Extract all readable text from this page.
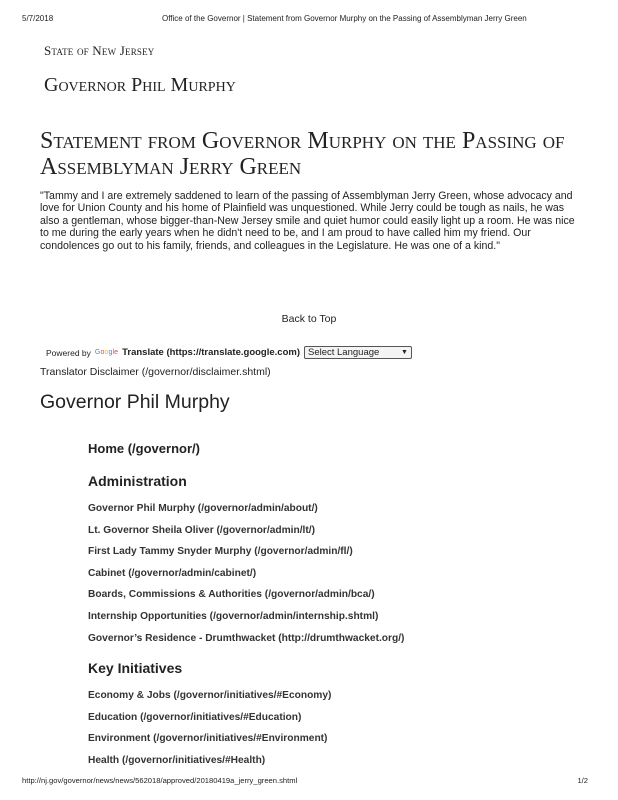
5/7/2018	Office of the Governor | Statement from Governor Murphy on the Passing of Assemblyman Jerry Green
State of New Jersey
Governor Phil Murphy
Statement from Governor Murphy on the Passing of Assemblyman Jerry Green

"Tammy and I are extremely saddened to learn of the passing of Assemblyman Jerry Green, whose advocacy and love for Union County and his home of Plainfield was unquestioned. While Jerry could be tough as nails, he was also a gentleman, whose bigger-than-New Jersey smile and quiet humor could easily light up a room. He was nice to me during the early years when he didn't need to be, and I am proud to have called him my friend. Our condolences go out to his family, friends, and colleagues in the Legislature. He was one of a kind."

Back to Top
Powered by Google Translate (https://translate.google.com) Select Language	▼
Translator Disclaimer (/governor/disclaimer.shtml)
Governor Phil Murphy
Home (/governor/)
Administration
Governor Phil Murphy (/governor/admin/about/)
Lt. Governor Sheila Oliver (/governor/admin/lt/)
First Lady Tammy Snyder Murphy (/governor/admin/fl/)
Cabinet (/governor/admin/cabinet/)
Boards, Commissions & Authorities (/governor/admin/bca/)
Internship Opportunities (/governor/admin/internship.shtml)
Governor’s Residence - Drumthwacket (http://drumthwacket.org/)
Key Initiatives
Economy & Jobs (/governor/initiatives/#Economy)
Education (/governor/initiatives/#Education)
Environment (/governor/initiatives/#Environment)
Health (/governor/initiatives/#Health)
http://nj.gov/governor/news/news/562018/approved/20180419a_jerry_green.shtml	1/2
